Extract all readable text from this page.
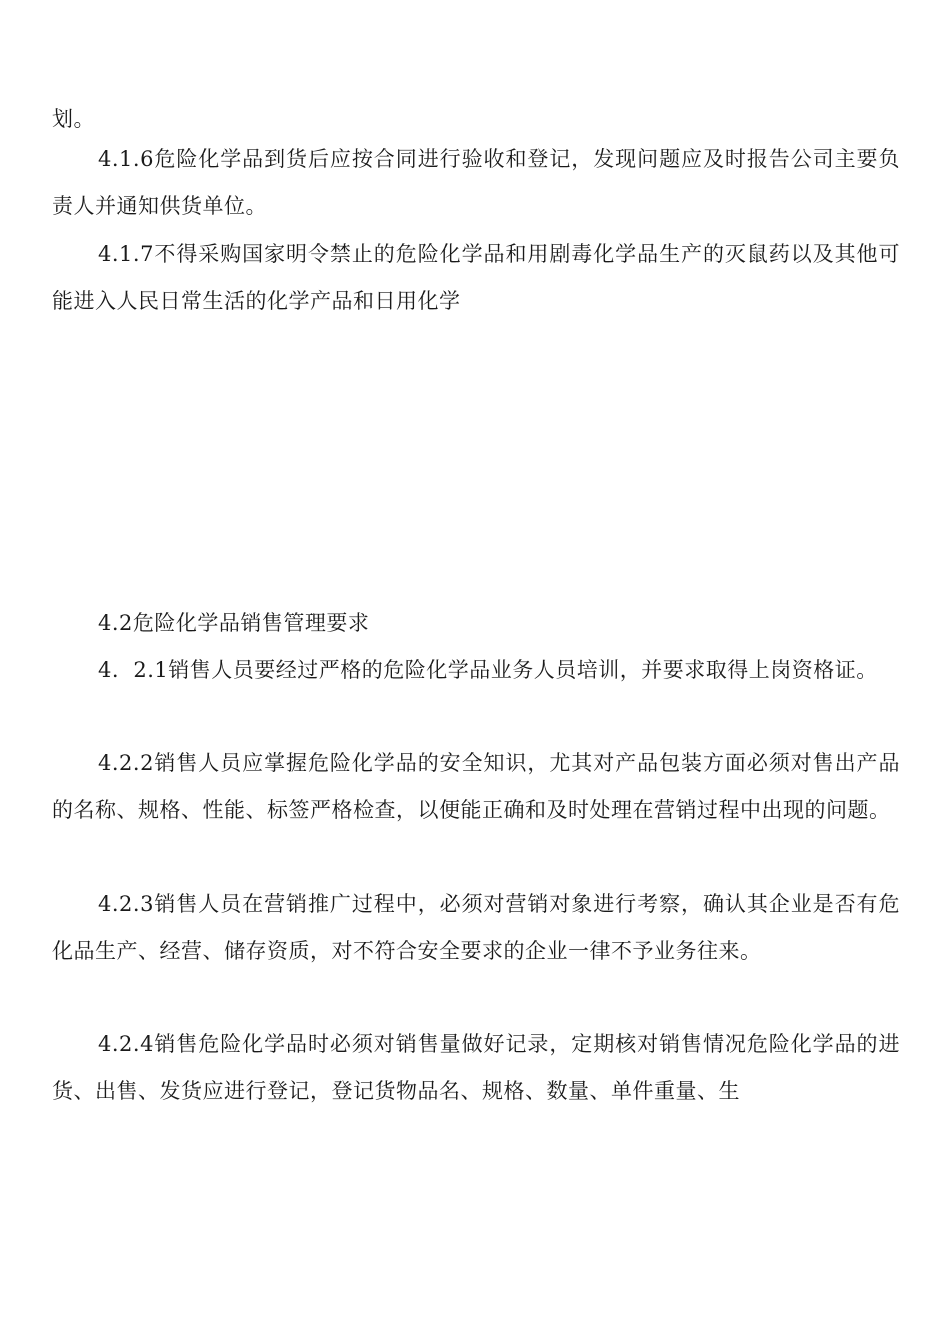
划。

4.1.6危险化学品到货后应按合同进行验收和登记，发现问题应及时报告公司主要负责人并通知供货单位。

4.1.7不得采购国家明令禁止的危险化学品和用剧毒化学品生产的灭鼠药以及其他可能进入人民日常生活的化学产品和日用化学

4.2危险化学品销售管理要求

4.  2.1销售人员要经过严格的危险化学品业务人员培训，并要求取得上岗资格证。

4.2.2销售人员应掌握危险化学品的安全知识，尤其对产品包装方面必须对售出产品的名称、规格、性能、标签严格检查，以便能正确和及时处理在营销过程中出现的问题。

4.2.3销售人员在营销推广过程中，必须对营销对象进行考察，确认其企业是否有危化品生产、经营、储存资质，对不符合安全要求的企业一律不予业务往来。

4.2.4销售危险化学品时必须对销售量做好记录，定期核对销售情况危险化学品的进货、出售、发货应进行登记，登记货物品名、规格、数量、单件重量、生
